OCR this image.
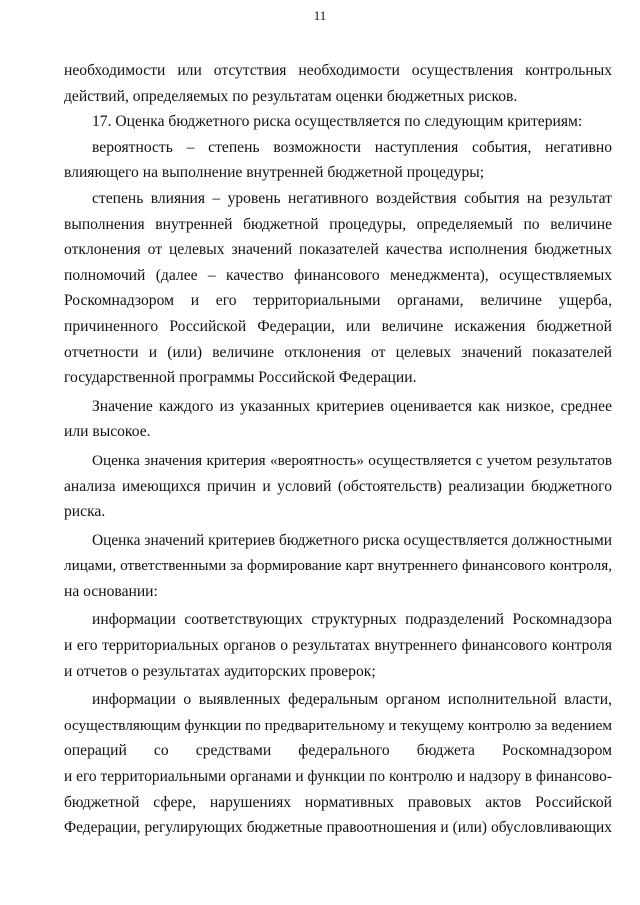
11
необходимости или отсутствия необходимости осуществления контрольных
действий, определяемых по результатам оценки бюджетных рисков.
17. Оценка бюджетного риска осуществляется по следующим критериям:
вероятность – степень возможности наступления события, негативно
влияющего на выполнение внутренней бюджетной процедуры;
степень влияния – уровень негативного воздействия события на результат
выполнения внутренней бюджетной процедуры, определяемый по величине
отклонения от целевых значений показателей качества исполнения бюджетных
полномочий (далее – качество финансового менеджмента), осуществляемых
Роскомнадзором и его территориальными органами, величине ущерба,
причиненного Российской Федерации, или величине искажения бюджетной
отчетности и (или) величине отклонения от целевых значений показателей
государственной программы Российской Федерации.
Значение каждого из указанных критериев оценивается как низкое, среднее
или высокое.
Оценка значения критерия «вероятность» осуществляется с учетом результатов
анализа имеющихся причин и условий (обстоятельств) реализации бюджетного
риска.
Оценка значений критериев бюджетного риска осуществляется должностными
лицами, ответственными за формирование карт внутреннего финансового контроля,
на основании:
информации соответствующих структурных подразделений Роскомнадзора
и его территориальных органов о результатах внутреннего финансового контроля
и отчетов о результатах аудиторских проверок;
информации о выявленных федеральным органом исполнительной власти,
осуществляющим функции по предварительному и текущему контролю за ведением
операций со средствами федерального бюджета Роскомнадзором
и его территориальными органами и функции по контролю и надзору в финансово-
бюджетной сфере, нарушениях нормативных правовых актов Российской
Федерации, регулирующих бюджетные правоотношения и (или) обусловливающих
